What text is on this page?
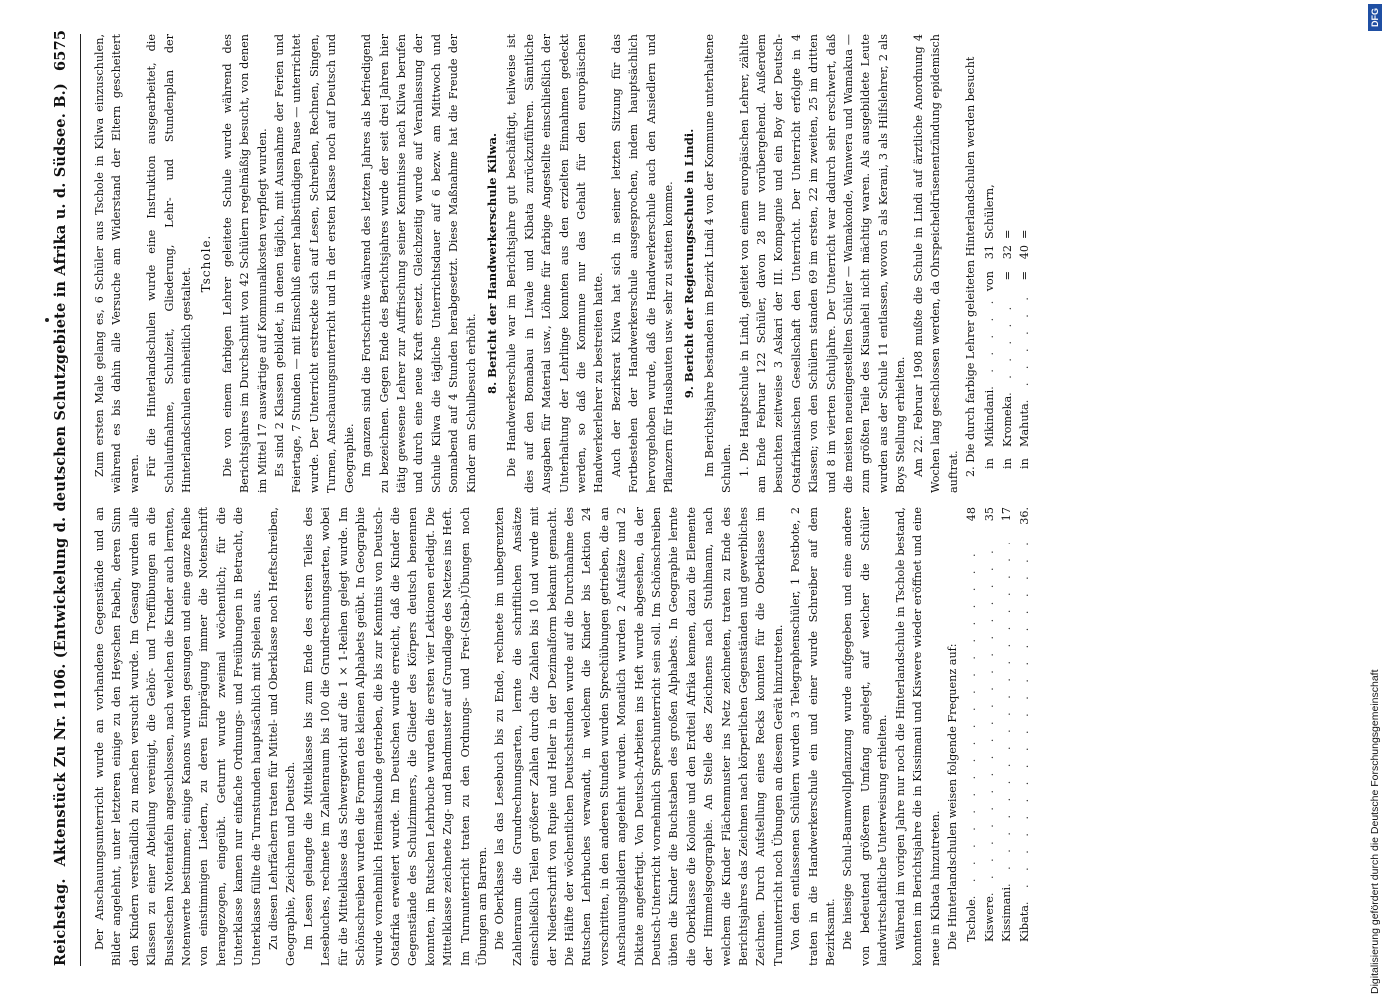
Reichstag.
Aktenstück Zu Nr. 1106. (Entwickelung d. deutschen Schutzgebiete in Afrika u. d. Südsee. B.)
6575

Der Anschauungsunterricht wurde an vorhandene Gegenstände und an Bilder angelehnt, unter letzteren einige zu den Heyschen Fabeln, deren Sinn den Kindern verständlich zu machen versucht wurde. Im Gesang wurden alle Klassen zu einer Abteilung vereinigt, die Gehör- und Treffübungen an die Bussleschen Notentafeln angeschlossen, nach welchen die Kinder auch lernten, Notenwerte bestimmen; einige Kanons wurden gesungen und eine ganze Reihe von einstimmigen Liedern, zu deren Einprägung immer die Notenschrift herangezogen, eingeübt. Geturnt wurde zweimal wöchentlich; für die Unterklasse kamen nur einfache Ordnungs- und Freiübungen in Betracht, die Unterklasse füllte die Turnstunden hauptsächlich mit Spielen aus. Zu diesen Lehrfächern traten für Mittel- und Oberklasse noch Heftschreiben, Geographie, Zeichnen und Deutsch. Im Lesen gelangte die Mittelklasse bis zum Ende des ersten Teiles des Lesebuches, rechnete im Zahlenraum bis 100 die Grundrechnungsarten, wobei für die Mittelklasse das Schwergewicht auf die 1 × 1-Reihen gelegt wurde. Im Schönschreiben wurden die Formen des kleinen Alphabets geübt. In Geographie wurde vornehmlich Heimatskunde getrieben, die bis zur Kenntnis von Deutsch-Ostafrika erweitert wurde. Im Deutschen wurde erreicht, daß die Kinder die Gegenstände des Schulzimmers, die Glieder des Körpers deutsch benennen konnten, im Rutschen Lehrbuche wurden die ersten vier Lektionen erledigt. Die Mittelklasse zeichnete Zug- und Bandmuster auf Grundlage des Netzes ins Heft. Im Turnunterricht traten zu den Ordnungs- und Frei-(Stab-)Übungen noch Übungen am Barren. Die Oberklasse las das Lesebuch bis zu Ende, rechnete im unbegrenzten Zahlenraum die Grundrechnungsarten, lernte die schriftlichen Ansätze einschließlich Teilen größerer Zahlen durch die Zahlen bis 10 und wurde mit der Niederschrift von Rupie und Heller in der Dezimalform bekannt gemacht. Die Hälfte der wöchentlichen Deutschstunden wurde auf die Durchnahme des Rutschen Lehrbuches verwandt, in welchem die Kinder bis Lektion 24 vorschritten, in den anderen Stunden wurden Sprechübungen getrieben, die an Anschauungsbildern angelehnt wurden. Monatlich wurden 2 Aufsätze und 2 Diktate angefertigt. Von Deutsch-Arbeiten ins Heft wurde abgesehen, da der Deutsch-Unterricht vornehmlich Sprechunterricht sein soll. Im Schönschreiben übten die Kinder die Buchstaben des großen Alphabets. In Geographie lernte die Oberklasse die Kolonie und den Erdteil Afrika kennen, dazu die Elemente der Himmelsgeographie. An Stelle des Zeichnens nach Stuhlmann, nach welchem die Kinder Flächenmuster ins Netz zeichneten, traten zu Ende des Berichtsjahres das Zeichnen nach körperlichen Gegenständen und gewerbliches Zeichnen. Durch Aufstellung eines Recks konnten für die Oberklasse im Turnunterricht noch Übungen an diesem Gerät hinzutreten. Von den entlassenen Schülern wurden 3 Telegraphenschüler, 1 Postbote, 2 traten in die Handwerkerschule ein und einer wurde Schreiber auf dem Bezirksamt. Die hiesige Schul-Baumwollpflanzung wurde aufgegeben und eine andere von bedeutend größerem Umfang angelegt, auf welcher die Schüler landwirtschaftliche Unterweisung erhielten. Während im vorigen Jahre nur noch die Hinterlandschule in Tschole bestand, konnten im Berichtsjahre die in Kissimani und Kiswere wieder eröffnet und eine neue in Kibata hinzutreten. Die Hinterlandschulen weisen folgende Frequenz auf: Tschole
. . .
48
Kiswere
. . .
35
Kissimani
. . .
17
Kibata
. . .
36.

Zum ersten Male gelang es, 6 Schüler aus Tschole in Kilwa einzuschulen, während es bis dahin alle Versuche am Widerstand der Eltern gescheitert waren. Für die Hinterlandschulen wurde eine Instruktion ausgearbeitet, die Schulaufnahme, Schulzeit, Gliederung, Lehr- und Stundenplan der Hinterlandschulen einheitlich gestaltet.

Tschole. Die von einem farbigen Lehrer geleitete Schule wurde während des Berichtsjahres im Durchschnitt von 42 Schülern regelmäßig besucht, von denen im Mittel 17 auswärtige auf Kommunalkosten verpflegt wurden. Es sind 2 Klassen gebildet, in denen täglich, mit Ausnahme der Ferien und Feiertage, 7 Stunden — mit Einschluß einer halbstündigen Pause — unterrichtet wurde. Der Unterricht erstreckte sich auf Lesen, Schreiben, Rechnen, Singen, Turnen, Anschauungsunterricht und in der ersten Klasse noch auf Deutsch und Geographie. Im ganzen sind die Fortschritte während des letzten Jahres als befriedigend zu bezeichnen. Gegen Ende des Berichtsjahres wurde der seit drei Jahren hier tätig gewesene Lehrer zur Auffrischung seiner Kenntnisse nach Kilwa berufen und durch eine neue Kraft ersetzt. Gleichzeitig wurde auf Veranlassung der Schule Kilwa die tägliche Unterrichtsdauer auf 6 bezw. am Mittwoch und Sonnabend auf 4 Stunden herabgesetzt. Diese Maßnahme hat die Freude der Kinder am Schulbesuch erhöht.

8. Bericht der Handwerkerschule Kilwa. Die Handwerkerschule war im Berichtsjahre gut beschäftigt, teilweise ist dies auf den Bomabau in Liwale und Kibata zurückzuführen. Sämtliche Ausgaben für Material usw., Löhne für farbige Angestellte einschließlich der Unterhaltung der Lehrlinge konnten aus den erzielten Einnahmen gedeckt werden, so daß die Kommune nur das Gehalt für den europäischen Handwerkerlehrer zu bestreiten hatte. Auch der Bezirksrat Kilwa hat sich in seiner letzten Sitzung für das Fortbestehen der Handwerkerschule ausgesprochen, indem hauptsächlich hervorgehoben wurde, daß die Handwerkerschule auch den Ansiedlern und Pflanzern für Hausbauten usw. sehr zu statten komme. 9. Bericht der Regierungsschule in Lindi. Im Berichtsjahre bestanden im Bezirk Lindi 4 von der Kommune unterhaltene Schulen. 1. Die Hauptschule in Lindi, geleitet von einem europäischen Lehrer, zählte am Ende Februar 122 Schüler, davon 28 nur vorübergehend. Außerdem besuchten zeitweise 3 Askari der III. Kompagnie und ein Boy der Deutsch-Ostafrikanischen Gesellschaft den Unterricht. Der Unterricht erfolgte in 4 Klassen; von den Schülern standen 69 im ersten, 22 im zweiten, 25 im dritten und 8 im vierten Schuljahre. Der Unterricht war dadurch sehr erschwert, daß die meisten neueingestellten Schüler — Wamakonde, Wanwera und Wamakua — zum größten Teile des Kisuaheli nicht mächtig waren. Als ausgebildete Leute wurden aus der Schule 11 entlassen, wovon 5 als Kerani, 3 als Hilfslehrer, 2 als Boys Stellung erhielten. Am 22. Februar 1908 mußte die Schule in Lindi auf ärztliche Anordnung 4 Wochen lang geschlossen werden, da Ohrspeicheldrüsenentzündung epidemisch auftrat. 2. Die durch farbige Lehrer geleiteten Hinterlandschulen werden besucht in
Mikindani
. . .
von
31
Schülern,
in
Kromeka
. . .
=
32
=
in
Mahuta
. . .
=
40
=
Digitalisierung gefördert durch die Deutsche Forschungsgemeinschaft
DFG
